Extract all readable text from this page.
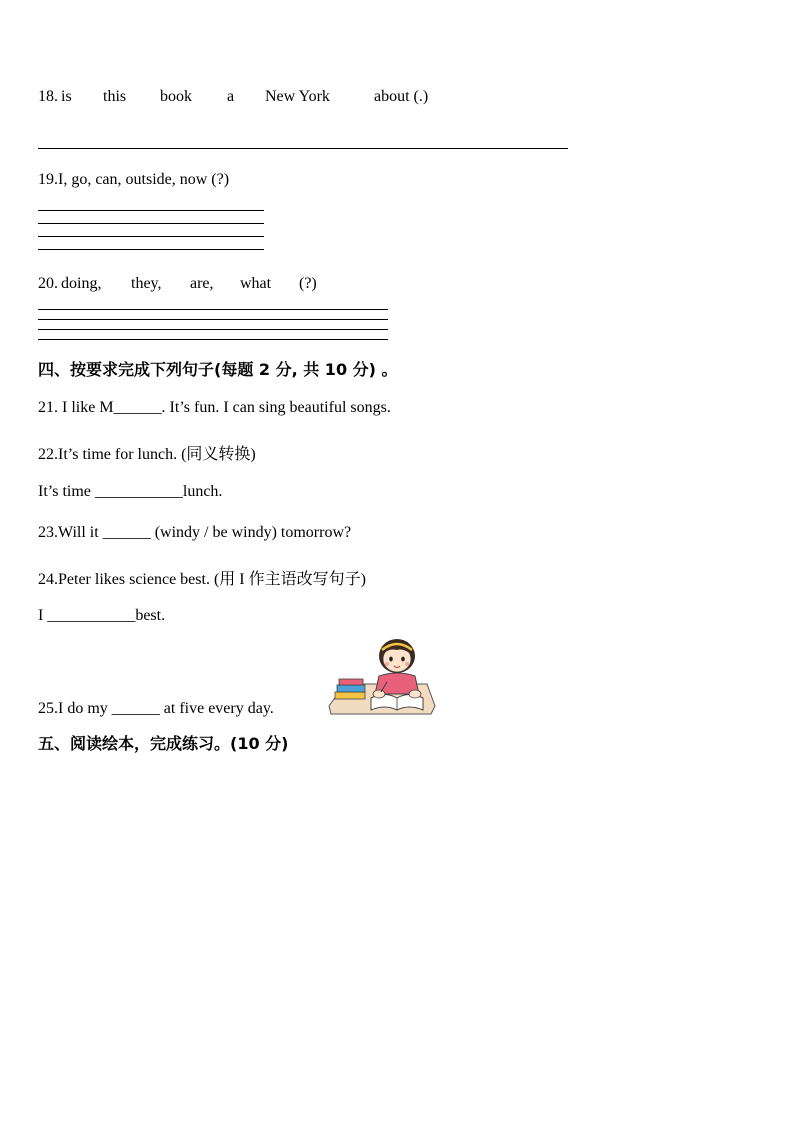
18. is this book a New York	about (.)
19.I, go, can, outside, now (?)
20. doing, they, are, what (?)
四、按要求完成下列句子(每题 2 分, 共 10 分) 。
21. I like M______. It’s fun. I can sing beautiful songs.
22.It’s time for lunch. (同义转换)
It’s time ___________lunch.
23.Will it ______ (windy / be windy) tomorrow?
24.Peter likes science best. (用 I 作主语改写句子)
I ___________best.
25.I do my ______ at five every day.
五、阅读绘本，完成练习。(10 分)
